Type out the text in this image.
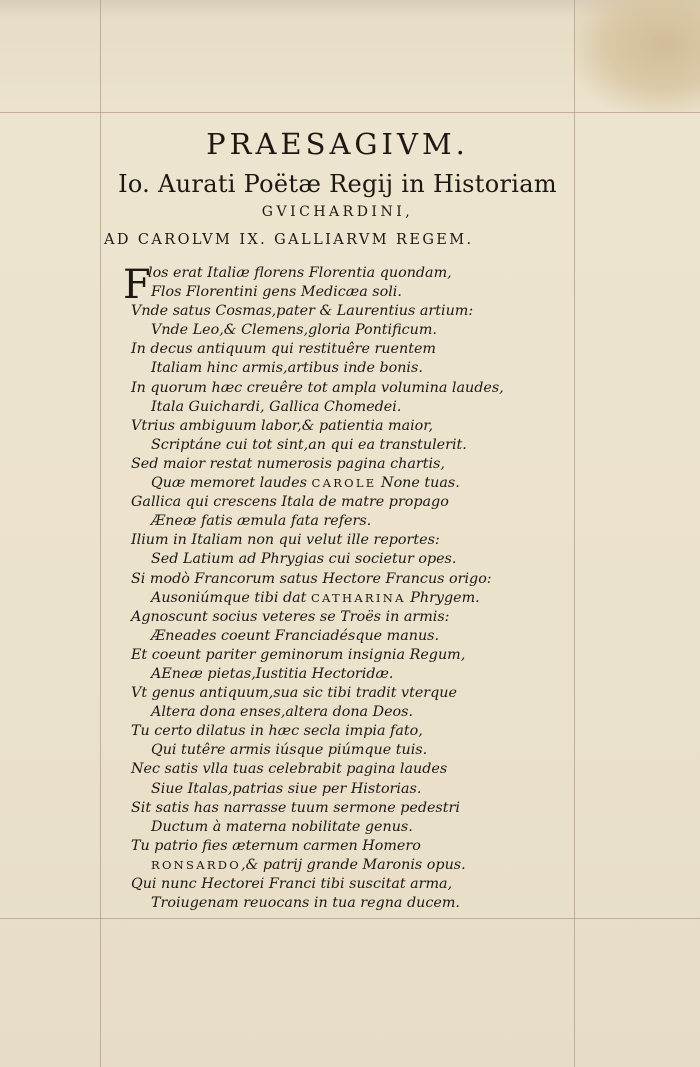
PRAESAGIVM.
Io. Aurati Poëtæ Regij in Historiam
GVICHARDINI,
AD CAROLVM IX. GALLIARVM REGEM.
F
los erat Italiæ florens Florentia quondam,
Flos Florentini gens Medicæa soli.
Vnde satus Cosmas,pater & Laurentius artium:
Vnde Leo,& Clemens,gloria Pontificum.
In decus antiquum qui restituêre ruentem
Italiam hinc armis,artibus inde bonis.
In quorum hæc creuêre tot ampla volumina laudes,
Itala Guichardi, Gallica Chomedei.
Vtrius ambiguum labor,& patientia maior,
Scriptáne cui tot sint,an qui ea transtulerit.
Sed maior restat numerosis pagina chartis,
Quæ memoret laudes CAROLE None tuas.
Gallica qui crescens Itala de matre propago
Æneæ fatis æmula fata refers.
Ilium in Italiam non qui velut ille reportes:
Sed Latium ad Phrygias cui societur opes.
Si modò Francorum satus Hectore Francus origo:
Ausoniúmque tibi dat CATHARINA Phrygem.
Agnoscunt socius veteres se Troës in armis:
Æneades coeunt Franciadésque manus.
Et coeunt pariter geminorum insignia Regum,
AEneæ pietas,Iustitia Hectoridæ.
Vt genus antiquum,sua sic tibi tradit vterque
Altera dona enses,altera dona Deos.
Tu certo dilatus in hæc secla impia fato,
Qui tutêre armis iúsque piúmque tuis.
Nec satis vlla tuas celebrabit pagina laudes
Siue Italas,patrias siue per Historias.
Sit satis has narrasse tuum sermone pedestri
Ductum à materna nobilitate genus.
Tu patrio fies æternum carmen Homero
RONSARDO,& patrij grande Maronis opus.
Qui nunc Hectorei Franci tibi suscitat arma,
Troiugenam reuocans in tua regna ducem.
